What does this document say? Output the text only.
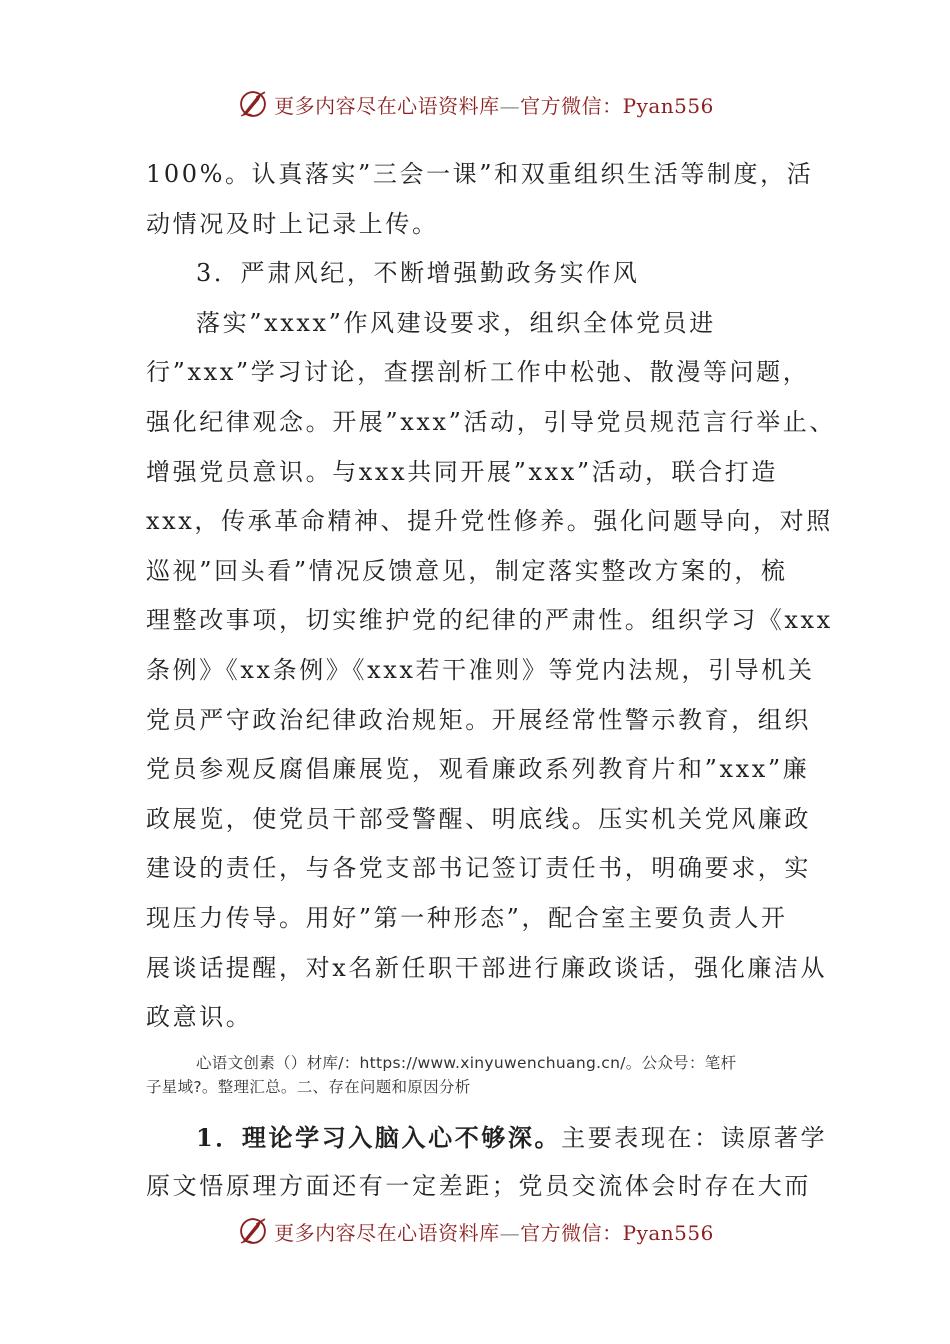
更多内容尽在心语资料库—官方微信：Pyan556
100%。认真落实”三会一课”和双重组织生活等制度，活
动情况及时上记录上传。
3．严肃风纪，不断增强勤政务实作风
落实”xxxx”作风建设要求，组织全体党员进
行”xxx”学习讨论，查摆剖析工作中松弛、散漫等问题，
强化纪律观念。开展”xxx”活动，引导党员规范言行举止、
增强党员意识。与xxx共同开展”xxx”活动，联合打造
xxx，传承革命精神、提升党性修养。强化问题导向，对照
巡视”回头看”情况反馈意见，制定落实整改方案的，梳
理整改事项，切实维护党的纪律的严肃性。组织学习《xxx
条例》《xx条例》《xxx若干准则》等党内法规，引导机关
党员严守政治纪律政治规矩。开展经常性警示教育，组织
党员参观反腐倡廉展览，观看廉政系列教育片和”xxx”廉
政展览，使党员干部受警醒、明底线。压实机关党风廉政
建设的责任，与各党支部书记签订责任书，明确要求，实
现压力传导。用好”第一种形态”，配合室主要负责人开
展谈话提醒，对x名新任职干部进行廉政谈话，强化廉洁从
政意识。
心语文创素（）材库/：https://www.xinyuwenchuang.cn/。公众号：笔杆
子星域?。整理汇总。二、存在问题和原因分析
1．理论学习入脑入心不够深。主要表现在：读原著学
原文悟原理方面还有一定差距；党员交流体会时存在大而
更多内容尽在心语资料库—官方微信：Pyan556
